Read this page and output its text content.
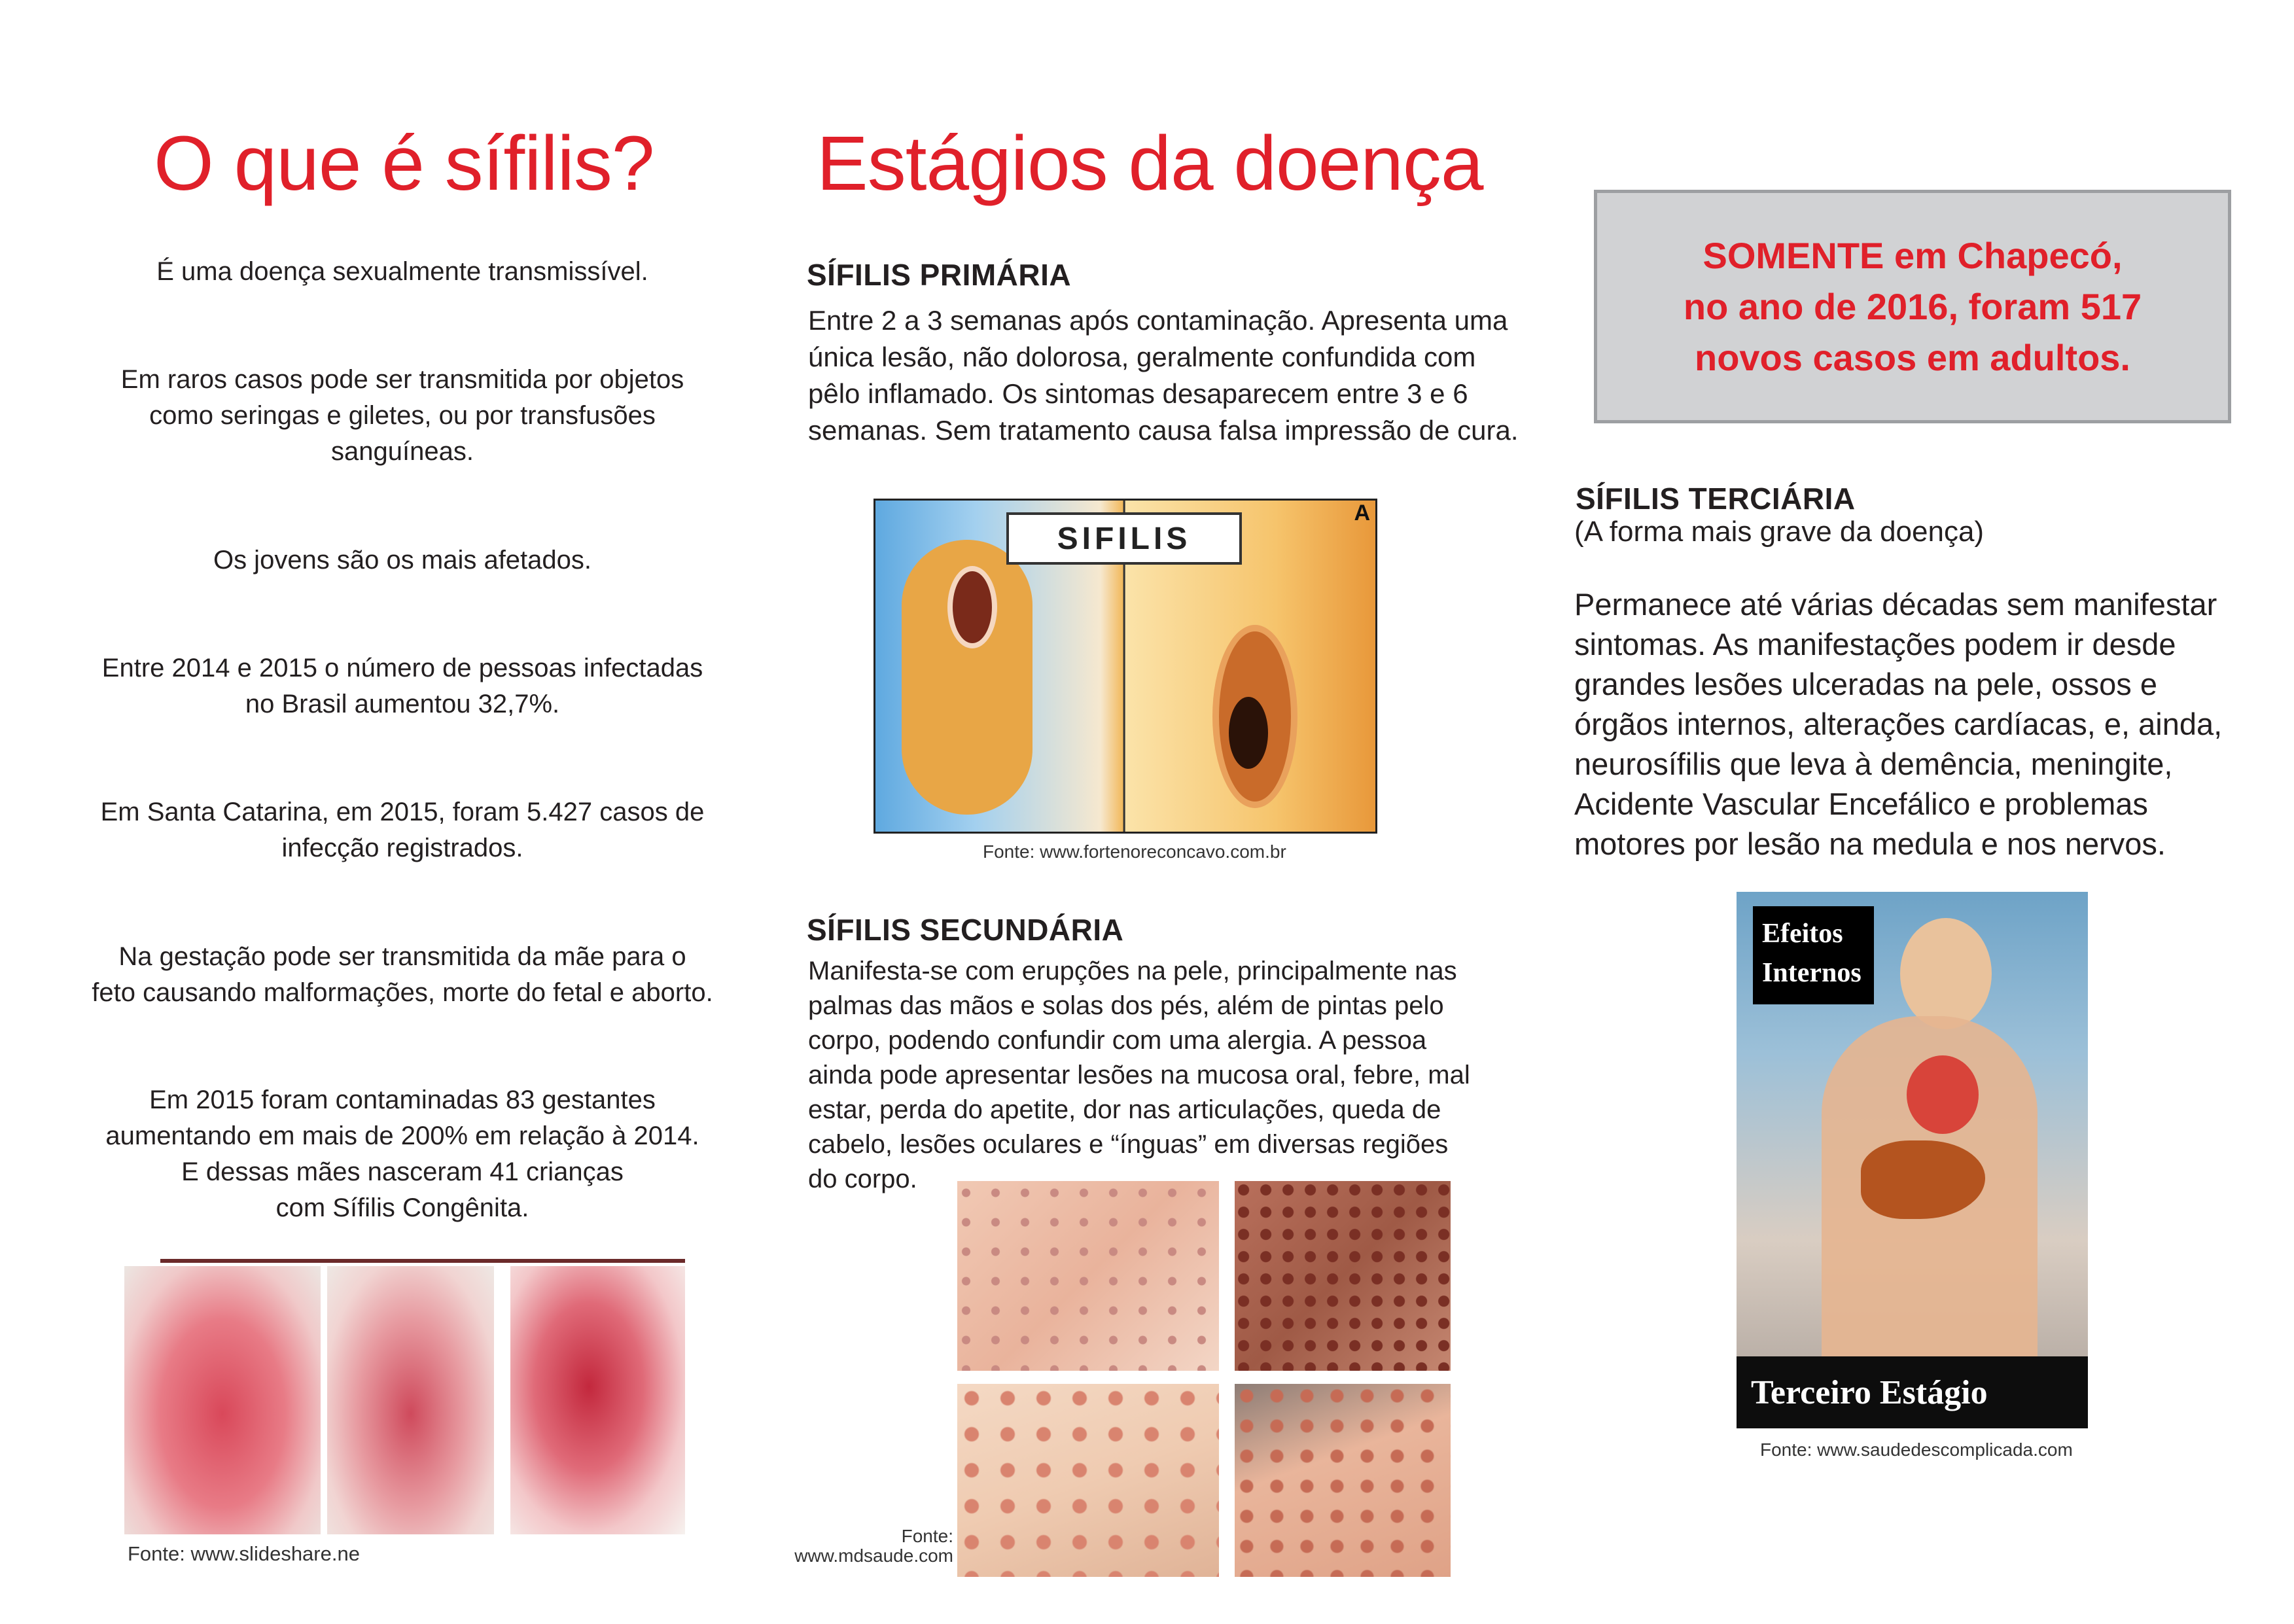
O que é sífilis?

É uma doença sexualmente transmissível.

Em raros casos pode ser transmitida por objetos
como seringas e giletes, ou por transfusões
sanguíneas.

Os jovens são os mais afetados.

Entre 2014 e 2015 o número de pessoas infectadas
no Brasil aumentou 32,7%.

Em Santa Catarina, em 2015, foram 5.427 casos de
infecção registrados.

Na gestação pode ser transmitida da mãe para o
feto causando malformações, morte do fetal e aborto.

Em 2015 foram contaminadas 83 gestantes
aumentando em mais de 200% em relação à 2014.
E dessas mães nasceram 41 crianças
com Sífilis Congênita.

Fonte: www.slideshare.ne
Estágios da doença
SÍFILIS PRIMÁRIA
Entre 2 a 3 semanas após contaminação. Apresenta uma
única lesão, não dolorosa, geralmente confundida com
pêlo inflamado. Os sintomas desaparecem entre 3 e 6
semanas. Sem tratamento causa falsa impressão de cura.
SIFILIS
A
Fonte: www.fortenoreconcavo.com.br
SÍFILIS SECUNDÁRIA
Manifesta-se com erupções na pele, principalmente nas
palmas das mãos e solas dos pés, além de pintas pelo
corpo, podendo confundir com uma alergia. A pessoa
ainda pode apresentar lesões na mucosa oral, febre, mal
estar, perda do apetite, dor nas articulações, queda de
cabelo, lesões oculares e “ínguas” em diversas regiões
do corpo.
Fonte:
www.mdsaude.com
SOMENTE em Chapecó,
no ano de 2016, foram 517
novos casos em adultos.
SÍFILIS TERCIÁRIA
(A forma mais grave da doença)
Permanece até várias décadas sem manifestar
sintomas. As manifestações podem ir desde
grandes lesões ulceradas na pele, ossos e
órgãos internos, alterações cardíacas, e, ainda,
neurosífilis que leva à demência, meningite,
Acidente Vascular Encefálico e problemas
motores por lesão na medula e nos nervos.
Efeitos
Internos
Terceiro Estágio
Fonte: www.saudedescomplicada.com
